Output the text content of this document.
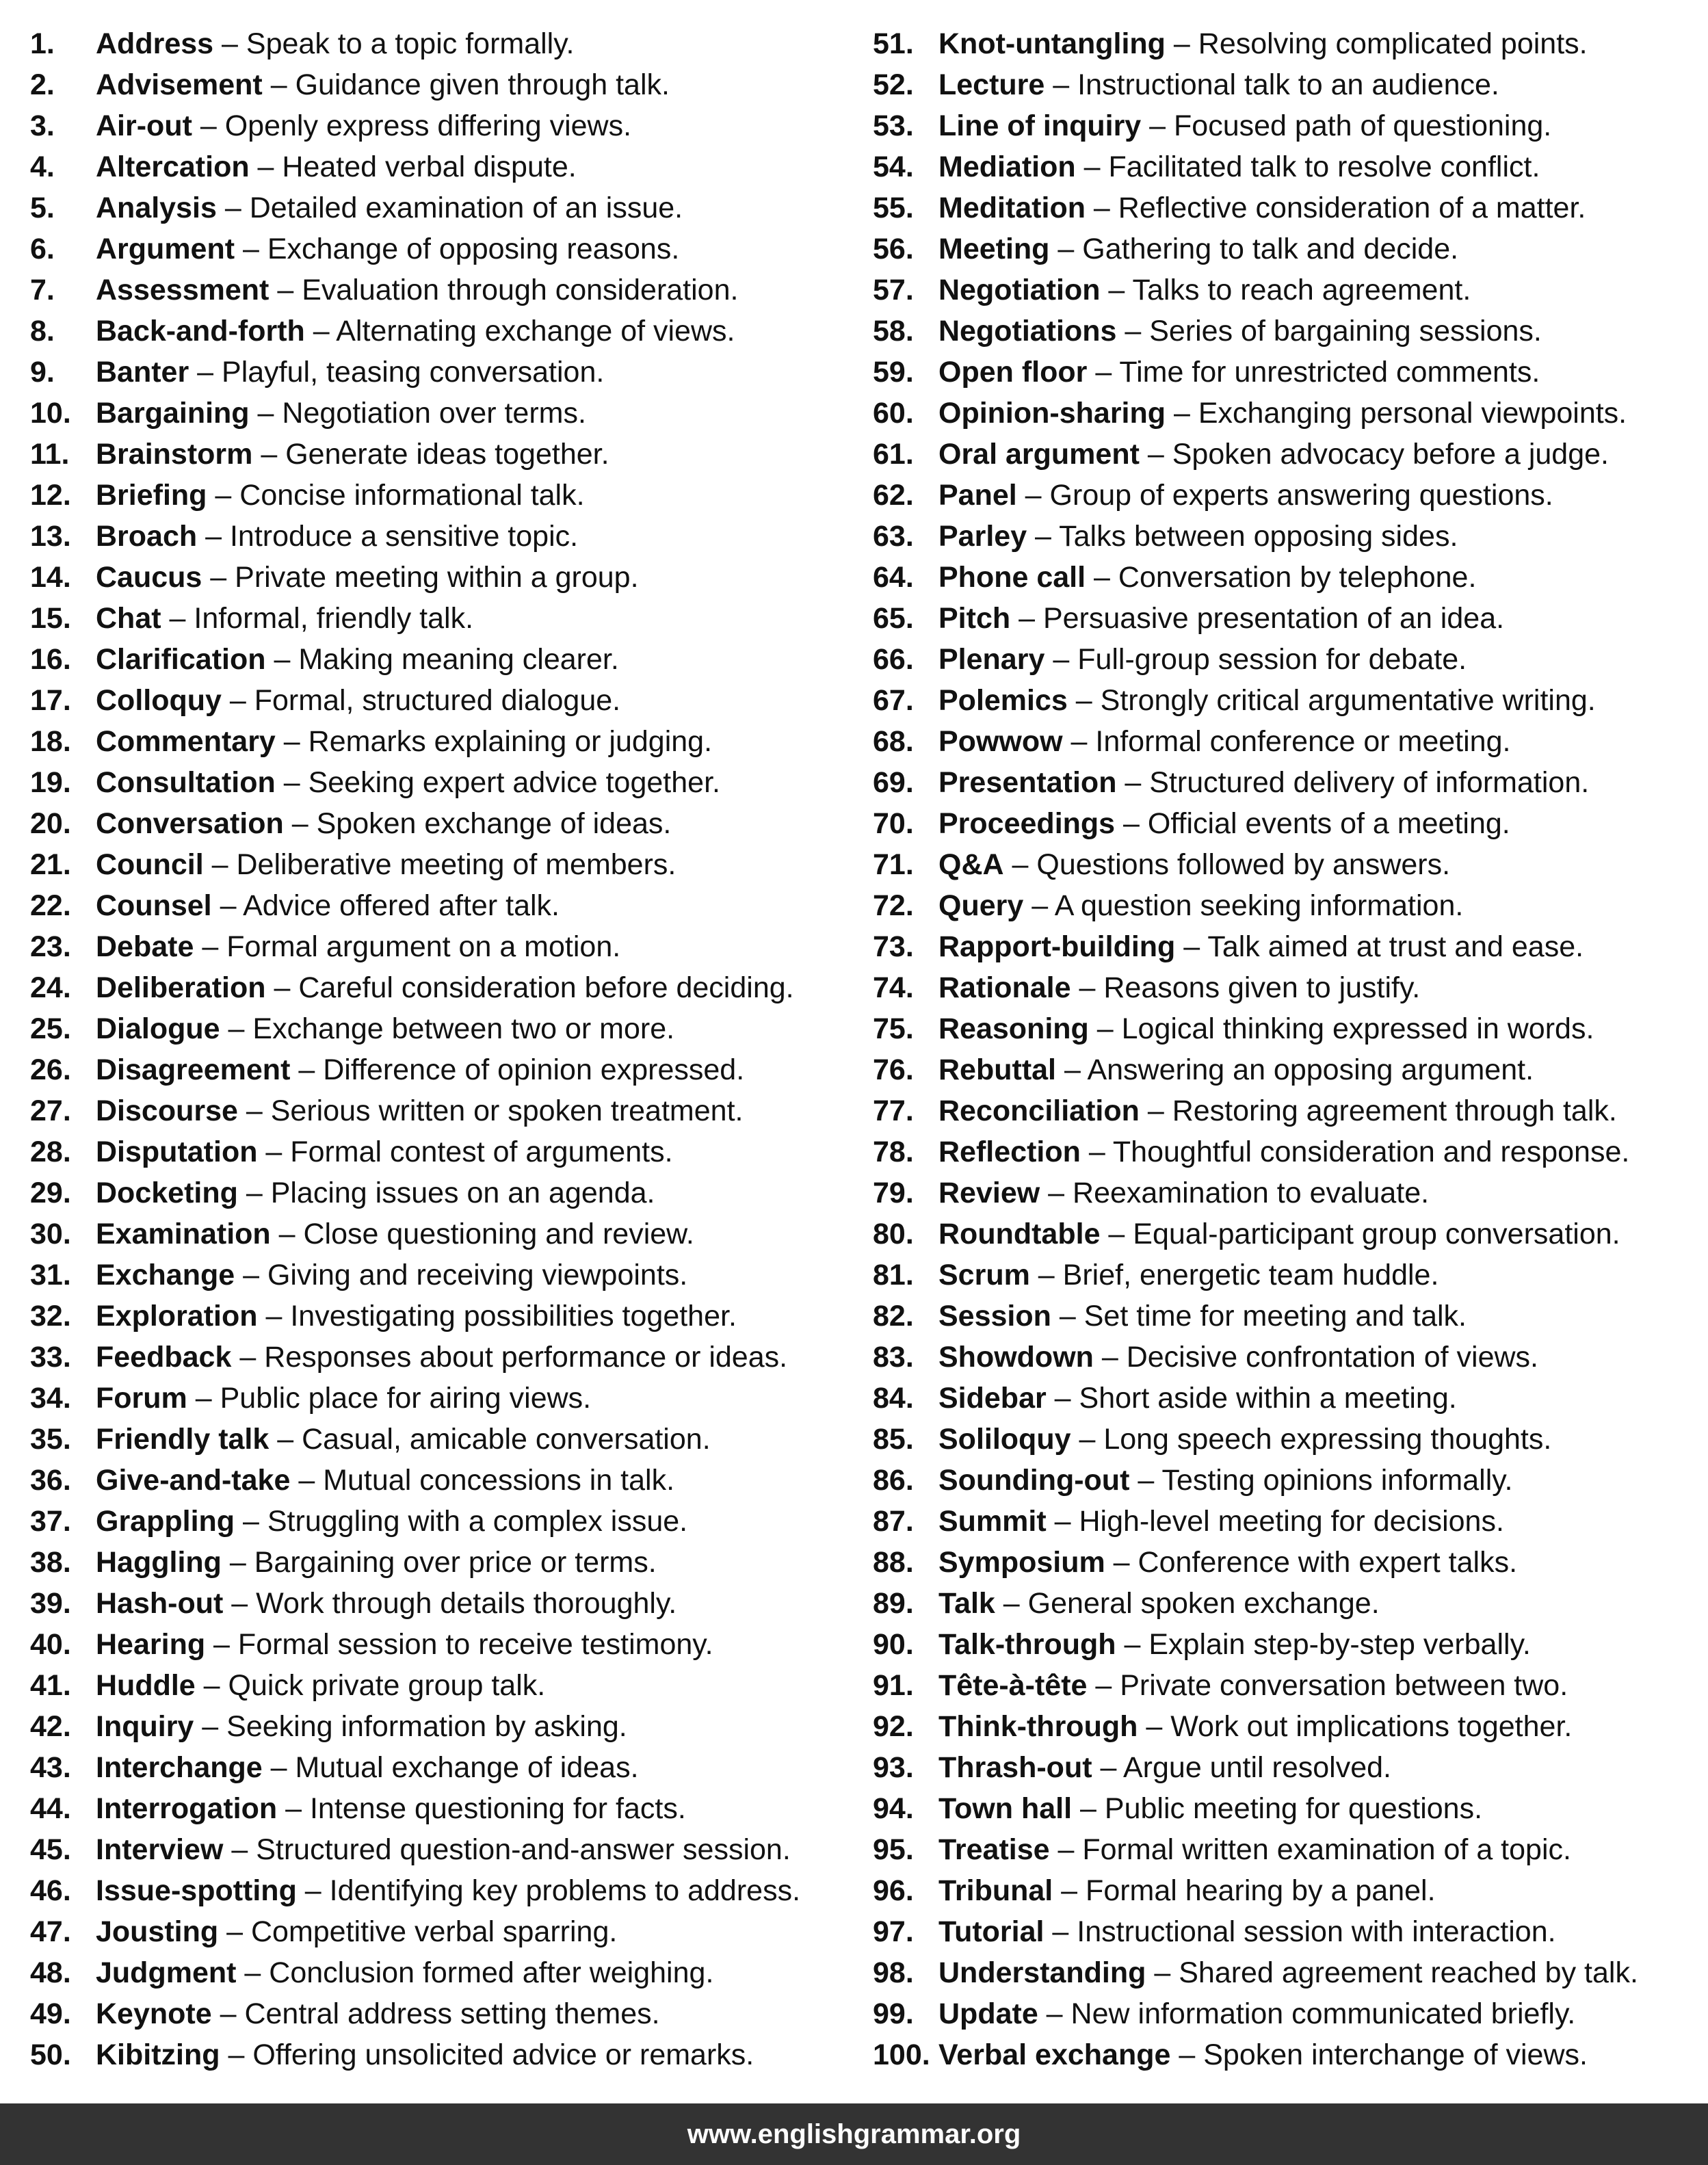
1. Address – Speak to a topic formally.
2. Advisement – Guidance given through talk.
3. Air-out – Openly express differing views.
4. Altercation – Heated verbal dispute.
5. Analysis – Detailed examination of an issue.
6. Argument – Exchange of opposing reasons.
7. Assessment – Evaluation through consideration.
8. Back-and-forth – Alternating exchange of views.
9. Banter – Playful, teasing conversation.
10. Bargaining – Negotiation over terms.
11. Brainstorm – Generate ideas together.
12. Briefing – Concise informational talk.
13. Broach – Introduce a sensitive topic.
14. Caucus – Private meeting within a group.
15. Chat – Informal, friendly talk.
16. Clarification – Making meaning clearer.
17. Colloquy – Formal, structured dialogue.
18. Commentary – Remarks explaining or judging.
19. Consultation – Seeking expert advice together.
20. Conversation – Spoken exchange of ideas.
21. Council – Deliberative meeting of members.
22. Counsel – Advice offered after talk.
23. Debate – Formal argument on a motion.
24. Deliberation – Careful consideration before deciding.
25. Dialogue – Exchange between two or more.
26. Disagreement – Difference of opinion expressed.
27. Discourse – Serious written or spoken treatment.
28. Disputation – Formal contest of arguments.
29. Docketing – Placing issues on an agenda.
30. Examination – Close questioning and review.
31. Exchange – Giving and receiving viewpoints.
32. Exploration – Investigating possibilities together.
33. Feedback – Responses about performance or ideas.
34. Forum – Public place for airing views.
35. Friendly talk – Casual, amicable conversation.
36. Give-and-take – Mutual concessions in talk.
37. Grappling – Struggling with a complex issue.
38. Haggling – Bargaining over price or terms.
39. Hash-out – Work through details thoroughly.
40. Hearing – Formal session to receive testimony.
41. Huddle – Quick private group talk.
42. Inquiry – Seeking information by asking.
43. Interchange – Mutual exchange of ideas.
44. Interrogation – Intense questioning for facts.
45. Interview – Structured question-and-answer session.
46. Issue-spotting – Identifying key problems to address.
47. Jousting – Competitive verbal sparring.
48. Judgment – Conclusion formed after weighing.
49. Keynote – Central address setting themes.
50. Kibitzing – Offering unsolicited advice or remarks.
51. Knot-untangling – Resolving complicated points.
52. Lecture – Instructional talk to an audience.
53. Line of inquiry – Focused path of questioning.
54. Mediation – Facilitated talk to resolve conflict.
55. Meditation – Reflective consideration of a matter.
56. Meeting – Gathering to talk and decide.
57. Negotiation – Talks to reach agreement.
58. Negotiations – Series of bargaining sessions.
59. Open floor – Time for unrestricted comments.
60. Opinion-sharing – Exchanging personal viewpoints.
61. Oral argument – Spoken advocacy before a judge.
62. Panel – Group of experts answering questions.
63. Parley – Talks between opposing sides.
64. Phone call – Conversation by telephone.
65. Pitch – Persuasive presentation of an idea.
66. Plenary – Full-group session for debate.
67. Polemics – Strongly critical argumentative writing.
68. Powwow – Informal conference or meeting.
69. Presentation – Structured delivery of information.
70. Proceedings – Official events of a meeting.
71. Q&A – Questions followed by answers.
72. Query – A question seeking information.
73. Rapport-building – Talk aimed at trust and ease.
74. Rationale – Reasons given to justify.
75. Reasoning – Logical thinking expressed in words.
76. Rebuttal – Answering an opposing argument.
77. Reconciliation – Restoring agreement through talk.
78. Reflection – Thoughtful consideration and response.
79. Review – Reexamination to evaluate.
80. Roundtable – Equal-participant group conversation.
81. Scrum – Brief, energetic team huddle.
82. Session – Set time for meeting and talk.
83. Showdown – Decisive confrontation of views.
84. Sidebar – Short aside within a meeting.
85. Soliloquy – Long speech expressing thoughts.
86. Sounding-out – Testing opinions informally.
87. Summit – High-level meeting for decisions.
88. Symposium – Conference with expert talks.
89. Talk – General spoken exchange.
90. Talk-through – Explain step-by-step verbally.
91. Tête-à-tête – Private conversation between two.
92. Think-through – Work out implications together.
93. Thrash-out – Argue until resolved.
94. Town hall – Public meeting for questions.
95. Treatise – Formal written examination of a topic.
96. Tribunal – Formal hearing by a panel.
97. Tutorial – Instructional session with interaction.
98. Understanding – Shared agreement reached by talk.
99. Update – New information communicated briefly.
100. Verbal exchange – Spoken interchange of views.
www.englishgrammar.org
